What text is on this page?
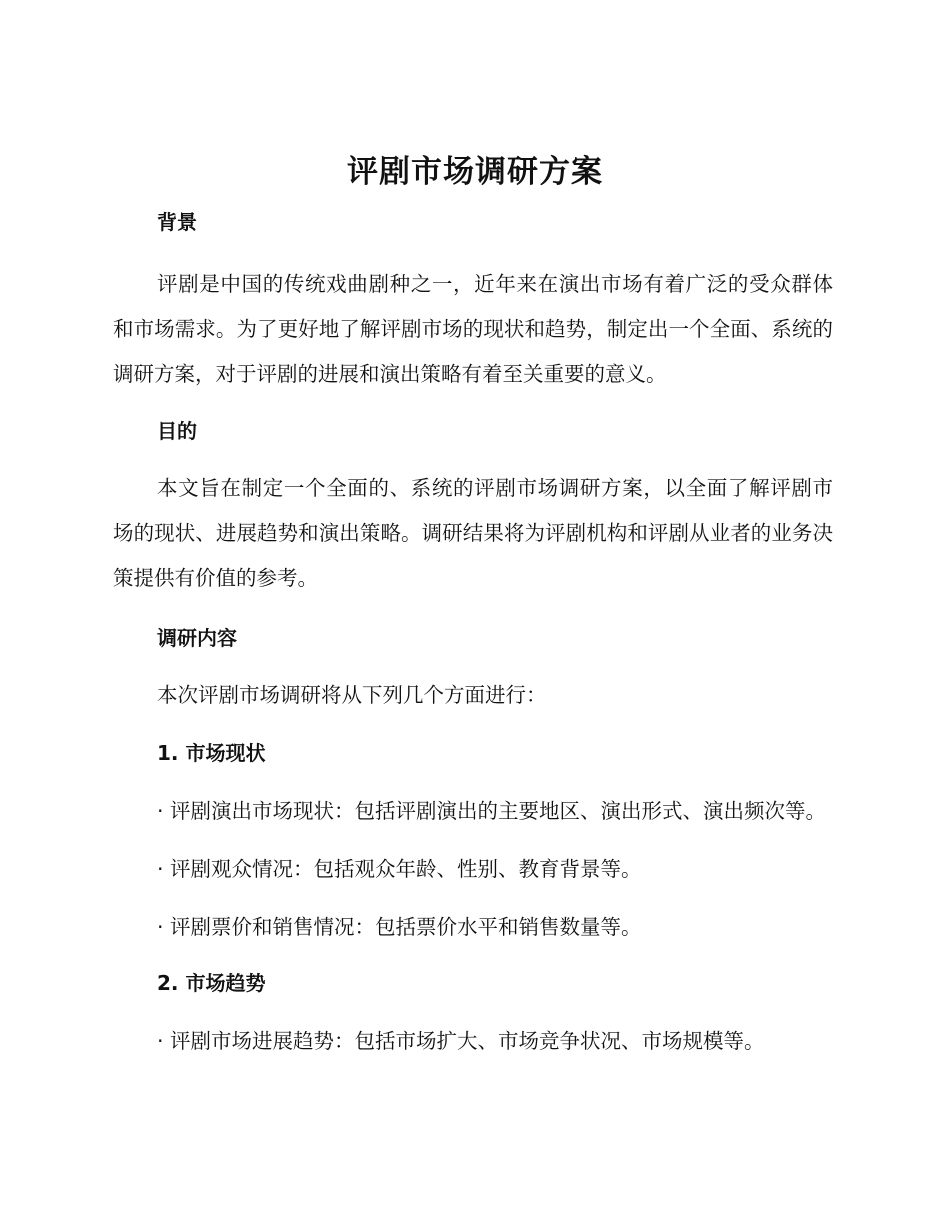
评剧市场调研方案
背景

评剧是中国的传统戏曲剧种之一，近年来在演出市场有着广泛的受众群体和市场需求。为了更好地了解评剧市场的现状和趋势，制定出一个全面、系统的调研方案，对于评剧的进展和演出策略有着至关重要的意义。

目的

本文旨在制定一个全面的、系统的评剧市场调研方案，以全面了解评剧市场的现状、进展趋势和演出策略。调研结果将为评剧机构和评剧从业者的业务决策提供有价值的参考。

调研内容
本次评剧市场调研将从下列几个方面进行：
1. 市场现状

· 评剧演出市场现状：包括评剧演出的主要地区、演出形式、演出频次等。

· 评剧观众情况：包括观众年龄、性别、教育背景等。

· 评剧票价和销售情况：包括票价水平和销售数量等。

2. 市场趋势

· 评剧市场进展趋势：包括市场扩大、市场竞争状况、市场规模等。
